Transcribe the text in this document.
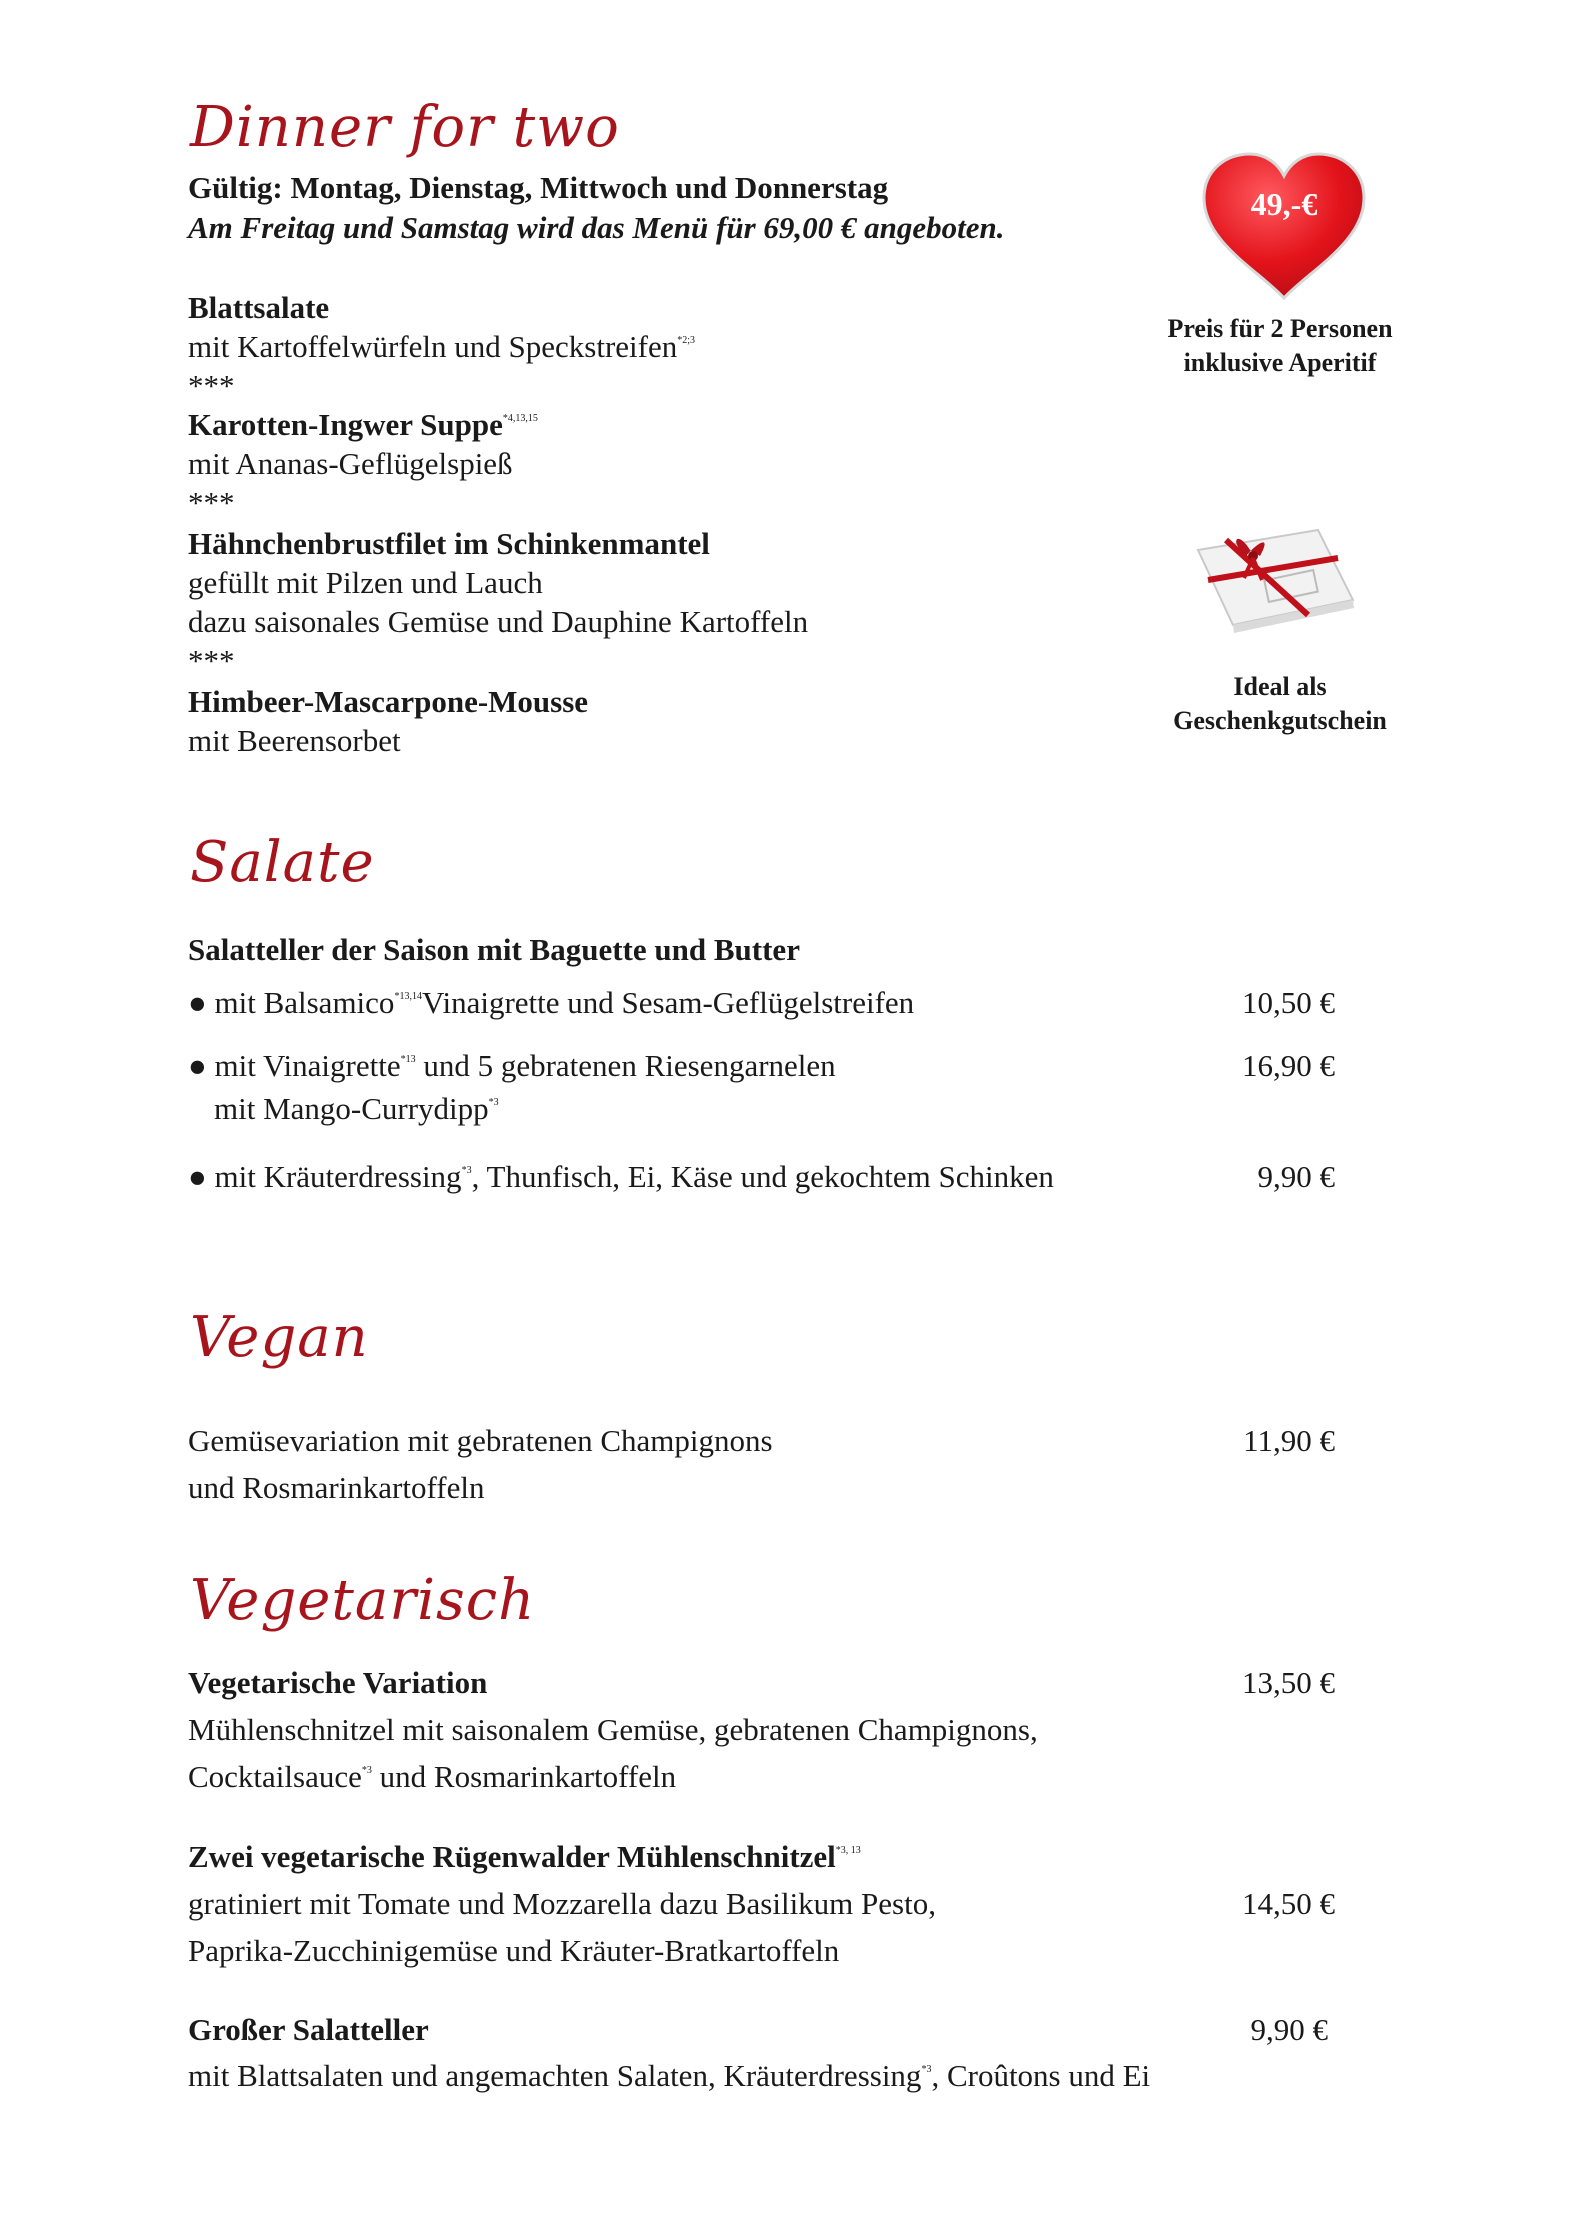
Dinner for two
Gültig: Montag, Dienstag, Mittwoch und Donnerstag
Am Freitag und Samstag wird das Menü für 69,00 € angeboten.
Blattsalate
mit Kartoffelwürfeln und Speckstreifen$^{*2;3}$
***
Karotten-Ingwer Suppe$^{*4,13,15}$
mit Ananas-Geflügelspieß
***
Hähnchenbrustfilet im Schinkenmantel
gefüllt mit Pilzen und Lauch
dazu saisonales Gemüse und Dauphine Kartoffeln
***
Himbeer-Mascarpone-Mousse
mit Beerensorbet
49,-€
Preis für 2 Personen
inklusive Aperitif
Ideal als
Geschenkgutschein
Salate
Salatteller der Saison mit Baguette und Butter
● mit Balsamico$^{*13,14}$Vinaigrette und Sesam-Geflügelstreifen	10,50 €
● mit Vinaigrette$^{*13}$ und 5 gebratenen Riesengarnelen
mit Mango-Currydipp$^{*3}$
16,90 €
● mit Kräuterdressing$^{*3}$, Thunfisch, Ei, Käse und gekochtem Schinken	9,90 €
Vegan
Gemüsevariation mit gebratenen Champignons
und Rosmarinkartoffeln
11,90 €
Vegetarisch
Vegetarische Variation	13,50 €
Mühlenschnitzel mit saisonalem Gemüse, gebratenen Champignons,
Cocktailsauce$^{*3}$ und Rosmarinkartoffeln
Zwei vegetarische Rügenwalder Mühlenschnitzel$^{*3, 13}$
gratiniert mit Tomate und Mozzarella dazu Basilikum Pesto,	14,50 €
Paprika-Zucchinigemüse und Kräuter-Bratkartoffeln
Großer Salatteller	9,90 €
mit Blattsalaten und angemachten Salaten, Kräuterdressing$^{*3}$, Croûtons und Ei
